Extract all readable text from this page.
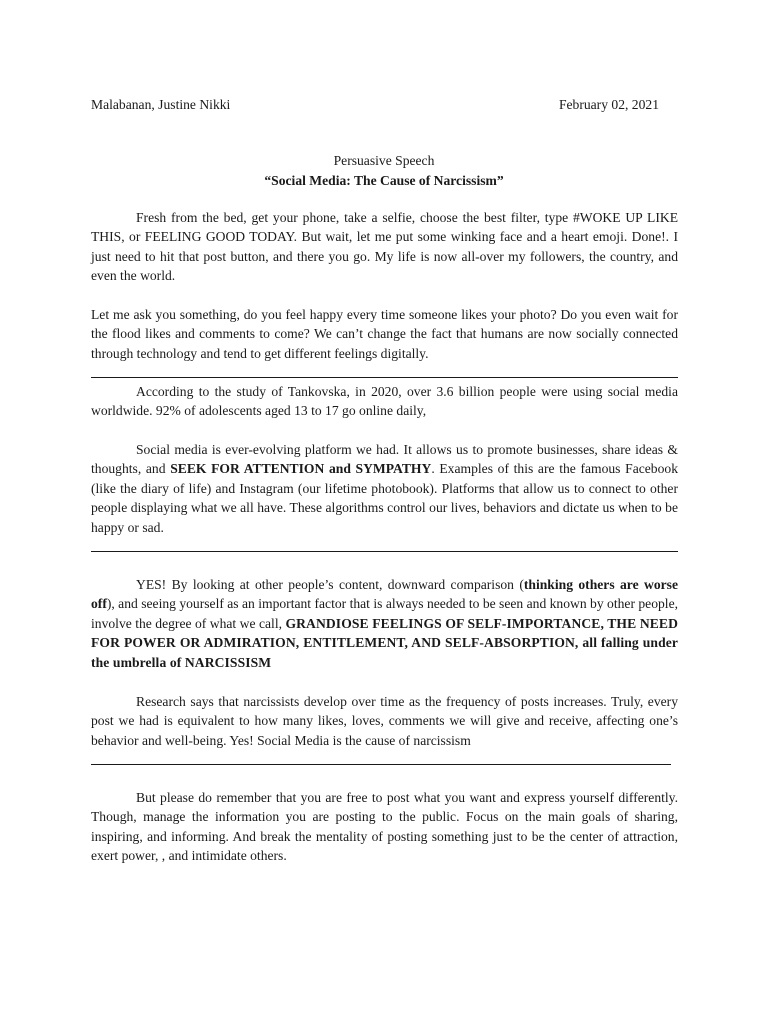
Malabanan, Justine Nikki	February 02, 2021
Persuasive Speech
“Social Media: The Cause of Narcissism”

Fresh from the bed, get your phone, take a selfie, choose the best filter, type #WOKE UP LIKE THIS, or FEELING GOOD TODAY. But wait, let me put some winking face and a heart emoji. Done!. I just need to hit that post button, and there you go. My life is now all-over my followers, the country, and even the world.

Let me ask you something, do you feel happy every time someone likes your photo? Do you even wait for the flood likes and comments to come? We can’t change the fact that humans are now socially connected through technology and tend to get different feelings digitally.

According to the study of Tankovska, in 2020, over 3.6 billion people were using social media worldwide. 92% of adolescents aged 13 to 17 go online daily,

Social media is ever-evolving platform we had. It allows us to promote businesses, share ideas & thoughts, and SEEK FOR ATTENTION and SYMPATHY. Examples of this are the famous Facebook (like the diary of life) and Instagram (our lifetime photobook). Platforms that allow us to connect to other people displaying what we all have. These algorithms control our lives, behaviors and dictate us when to be happy or sad.

YES! By looking at other people’s content, downward comparison (thinking others are worse off), and seeing yourself as an important factor that is always needed to be seen and known by other people, involve the degree of what we call, GRANDIOSE FEELINGS OF SELF-IMPORTANCE, THE NEED FOR POWER OR ADMIRATION, ENTITLEMENT, AND SELF-ABSORPTION, all falling under the umbrella of NARCISSISM

Research says that narcissists develop over time as the frequency of posts increases. Truly, every post we had is equivalent to how many likes, loves, comments we will give and receive, affecting one’s behavior and well-being. Yes! Social Media is the cause of narcissism

But please do remember that you are free to post what you want and express yourself differently. Though, manage the information you are posting to the public. Focus on the main goals of sharing, inspiring, and informing. And break the mentality of posting something just to be the center of attraction, exert power, , and intimidate others.
